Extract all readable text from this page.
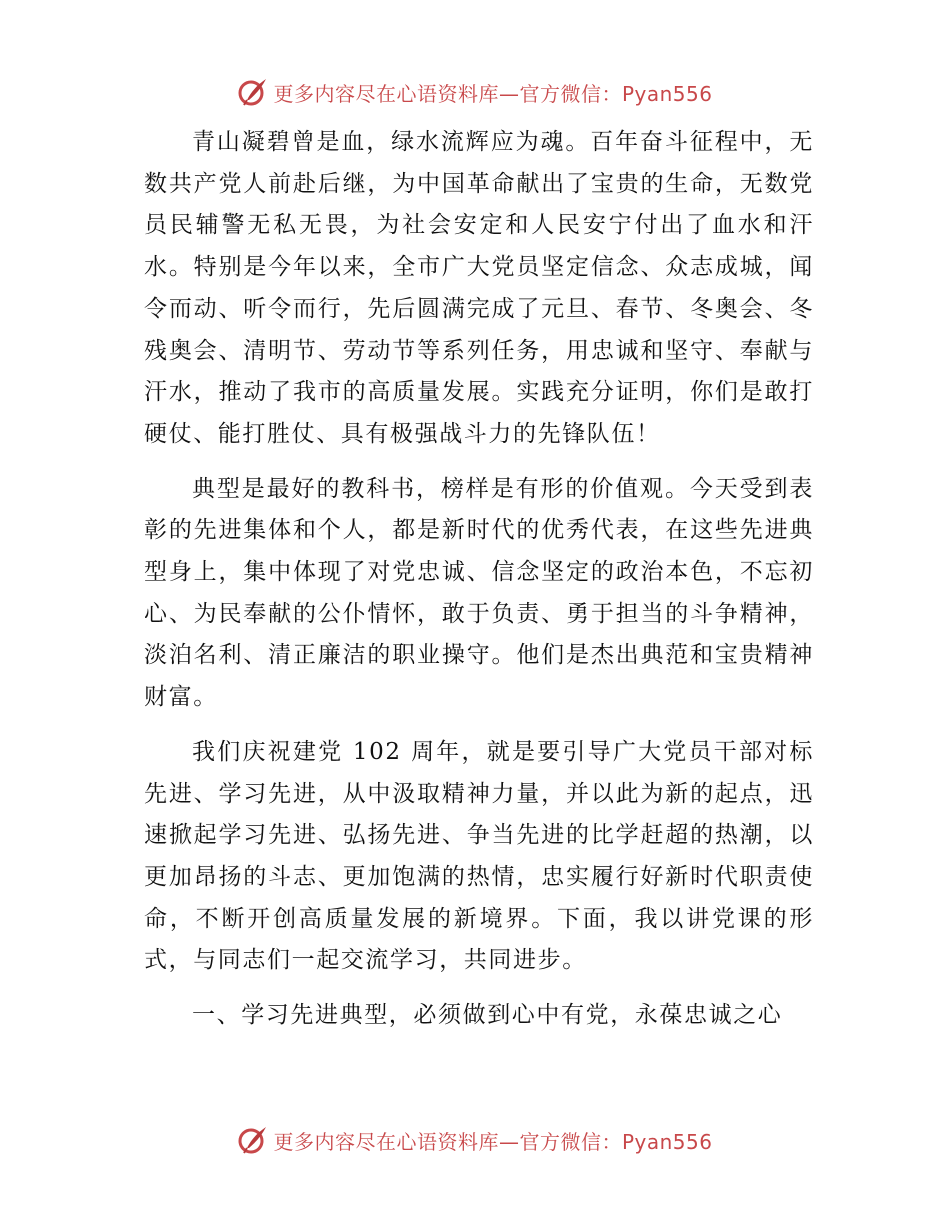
更多内容尽在心语资料库—官方微信：Pyan556

青山凝碧曾是血，绿水流辉应为魂。百年奋斗征程中，无数共产党人前赴后继，为中国革命献出了宝贵的生命，无数党员民辅警无私无畏，为社会安定和人民安宁付出了血水和汗水。特别是今年以来，全市广大党员坚定信念、众志成城，闻令而动、听令而行，先后圆满完成了元旦、春节、冬奥会、冬残奥会、清明节、劳动节等系列任务，用忠诚和坚守、奉献与汗水，推动了我市的高质量发展。实践充分证明，你们是敢打硬仗、能打胜仗、具有极强战斗力的先锋队伍！

典型是最好的教科书，榜样是有形的价值观。今天受到表彰的先进集体和个人，都是新时代的优秀代表，在这些先进典型身上，集中体现了对党忠诚、信念坚定的政治本色，不忘初心、为民奉献的公仆情怀，敢于负责、勇于担当的斗争精神，淡泊名利、清正廉洁的职业操守。他们是杰出典范和宝贵精神财富。

我们庆祝建党 102 周年，就是要引导广大党员干部对标先进、学习先进，从中汲取精神力量，并以此为新的起点，迅速掀起学习先进、弘扬先进、争当先进的比学赶超的热潮，以更加昂扬的斗志、更加饱满的热情，忠实履行好新时代职责使命，不断开创高质量发展的新境界。下面，我以讲党课的形式，与同志们一起交流学习，共同进步。

一、学习先进典型，必须做到心中有党，永葆忠诚之心

更多内容尽在心语资料库—官方微信：Pyan556
